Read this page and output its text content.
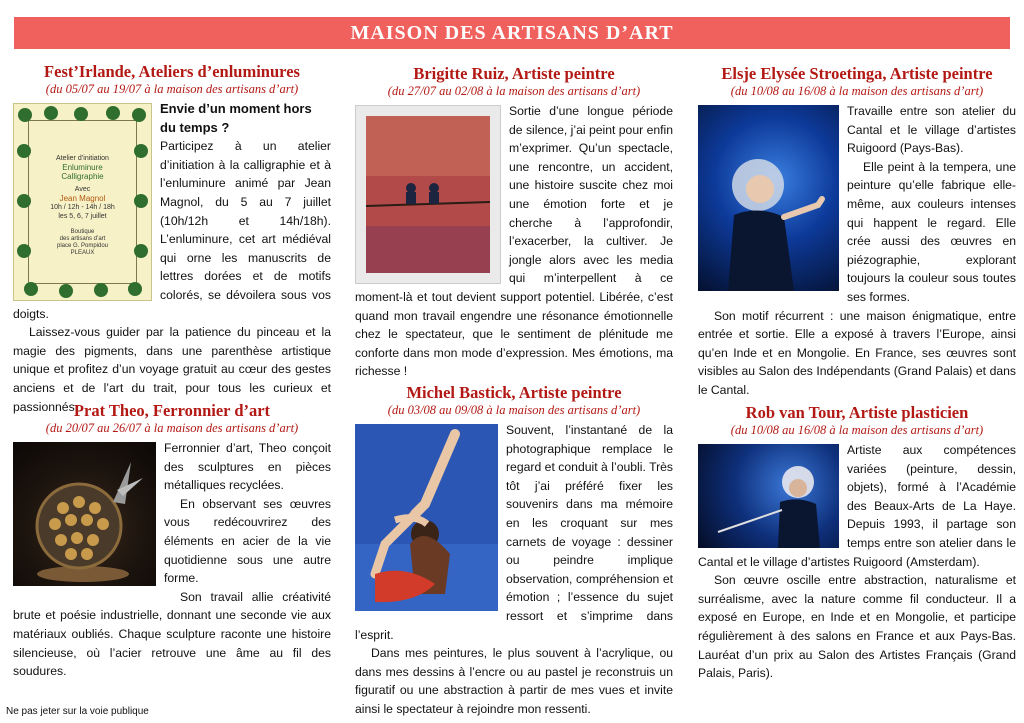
MAISON DES ARTISANS D’ART
Fest’Irlande, Ateliers d’enluminures
(du 05/07 au 19/07 à la maison des artisans d’art)
Atelier d’initiation
Enluminure
Calligraphie
Avec
Jean Magnol
10h / 12h - 14h / 18h
les 5, 6, 7 juillet
Boutique
des artisans d’art
place G. Pompidou
PLEAUX

Envie d’un moment hors du temps ?

Participez à un atelier d’initiation à la calligraphie et à l’enluminure animé par Jean Magnol, du 5 au 7 juillet (10h/12h et 14h/18h). L’enluminure, cet art médiéval qui orne les manuscrits de lettres dorées et de motifs colorés, se dévoilera sous vos doigts.

Laissez-vous guider par la patience du pinceau et la magie des pigments, dans une parenthèse artistique unique et profitez d’un voyage gratuit au cœur des gestes anciens et de l’art du trait, pour tous les curieux et passionnés.

Prat Theo, Ferronnier d’art
(du 20/07 au 26/07 à la maison des artisans d’art)

Ferronnier d’art, Theo conçoit des sculptures en pièces métalliques recyclées.

En observant ses œuvres vous redécouvrirez des éléments en acier de la vie quotidienne sous une autre forme.

Son travail allie créativité brute et poésie industrielle, donnant une seconde vie aux matériaux oubliés. Chaque sculpture raconte une histoire silencieuse, où l’acier retrouve une âme au fil des soudures.

Brigitte Ruiz, Artiste peintre
(du 27/07 au 02/08 à la maison des artisans d’art)

Sortie d’une longue période de silence, j’ai peint pour enfin m’exprimer. Qu’un spectacle, une rencontre, un accident, une histoire suscite chez moi une émotion forte et je cherche à l’approfondir, l’exacerber, la cultiver. Je jongle alors avec les media qui m’interpellent à ce moment-là et tout devient support potentiel. Libérée, c’est quand mon travail engendre une résonance émotionnelle chez le spectateur, que le sentiment de plénitude me conforte dans mon mode d’expression. Mes émotions, ma richesse !

Michel Bastick, Artiste peintre
(du 03/08 au 09/08 à la maison des artisans d’art)

Souvent, l’instantané de la photographique remplace le regard et conduit à l’oubli. Très tôt j’ai préféré fixer les souvenirs dans ma mémoire en les croquant sur mes carnets de voyage : dessiner ou peindre implique observation, compréhension et émotion ; l’essence du sujet ressort et s’imprime dans l’esprit.

Dans mes peintures, le plus souvent à l’acrylique, ou dans mes dessins à l’encre ou au pastel je reconstruis un figuratif ou une abstraction à partir de mes vues et invite ainsi le spectateur à rejoindre mon ressenti.

Elsje Elysée Stroetinga, Artiste peintre
(du 10/08 au 16/08 à la maison des artisans d’art)

Travaille entre son atelier du Cantal et le village d’artistes Ruigoord (Pays-Bas).

Elle peint à la tempera, une peinture qu’elle fabrique elle-même, aux couleurs intenses qui happent le regard. Elle crée aussi des œuvres en piézographie, explorant toujours la couleur sous toutes ses formes.

Son motif récurrent : une maison énigmatique, entre entrée et sortie. Elle a exposé à travers l’Europe, ainsi qu’en Inde et en Mongolie. En France, ses œuvres sont visibles au Salon des Indépendants (Grand Palais) et dans le Cantal.

Rob van Tour, Artiste plasticien
(du 10/08 au 16/08 à la maison des artisans d’art)

Artiste aux compétences variées (peinture, dessin, objets), formé à l’Académie des Beaux-Arts de La Haye. Depuis 1993, il partage son temps entre son atelier dans le Cantal et le village d’artistes Ruigoord (Amsterdam).

Son œuvre oscille entre abstraction, naturalisme et surréalisme, avec la nature comme fil conducteur. Il a exposé en Europe, en Inde et en Mongolie, et participe régulièrement à des salons en France et aux Pays-Bas. Lauréat d’un prix au Salon des Artistes Français (Grand Palais, Paris).

Ne pas jeter sur la voie publique
